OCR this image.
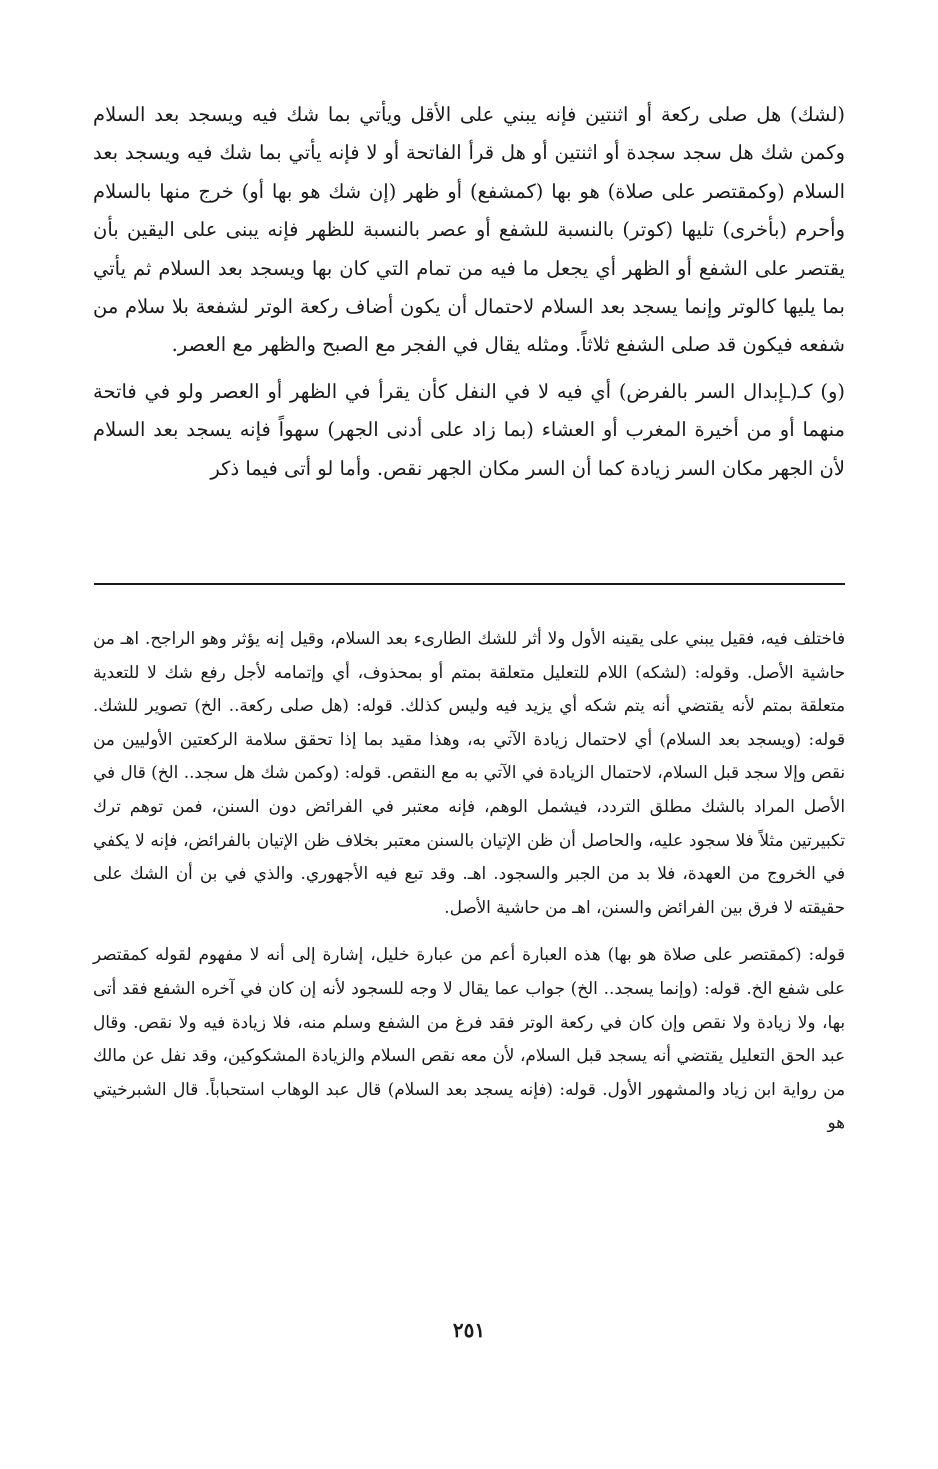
(لشك) هل صلى ركعة أو اثنتين فإنه يبني على الأقل ويأتي بما شك فيه ويسجد بعد السلام وكمن شك هل سجد سجدة أو اثنتين أو هل قرأ الفاتحة أو لا فإنه يأتي بما شك فيه ويسجد بعد السلام (وكمقتصر على صلاة) هو بها (كمشفع) أو ظهر (إن شك هو بها أو) خرج منها بالسلام وأحرم (بأخرى) تليها (كوتر) بالنسبة للشفع أو عصر بالنسبة للظهر فإنه يبنى على اليقين بأن يقتصر على الشفع أو الظهر أي يجعل ما فيه من تمام التي كان بها ويسجد بعد السلام ثم يأتي بما يليها كالوتر وإنما يسجد بعد السلام لاحتمال أن يكون أضاف ركعة الوتر لشفعة بلا سلام من شفعه فيكون قد صلى الشفع ثلاثاً. ومثله يقال في الفجر مع الصبح والظهر مع العصر.

(و) كـ(ـإبدال السر بالفرض) أي فيه لا في النفل كأن يقرأ في الظهر أو العصر ولو في فاتحة منهما أو من أخيرة المغرب أو العشاء (بما زاد على أدنى الجهر) سهواً فإنه يسجد بعد السلام لأن الجهر مكان السر زيادة كما أن السر مكان الجهر نقص. وأما لو أتى فيما ذكر

فاختلف فيه، فقيل يبني على يقينه الأول ولا أثر للشك الطارىء بعد السلام، وقيل إنه يؤثر وهو الراجح. اهـ من حاشية الأصل. وقوله: (لشكه) اللام للتعليل متعلقة بمتم أو بمحذوف، أي وإتمامه لأجل رفع شك لا للتعدية متعلقة بمتم لأنه يقتضي أنه يتم شكه أي يزيد فيه وليس كذلك. قوله: (هل صلى ركعة.. الخ) تصوير للشك. قوله: (ويسجد بعد السلام) أي لاحتمال زيادة الآتي به، وهذا مقيد بما إذا تحقق سلامة الركعتين الأوليين من نقص وإلا سجد قبل السلام، لاحتمال الزيادة في الآتي به مع النقص. قوله: (وكمن شك هل سجد.. الخ) قال في الأصل المراد بالشك مطلق التردد، فيشمل الوهم، فإنه معتبر في الفرائض دون السنن، فمن توهم ترك تكبيرتين مثلاً فلا سجود عليه، والحاصل أن ظن الإتيان بالسنن معتبر بخلاف ظن الإتيان بالفرائض، فإنه لا يكفي في الخروج من العهدة، فلا بد من الجبر والسجود. اهـ. وقد تبع فيه الأجهوري. والذي في بن أن الشك على حقيقته لا فرق بين الفرائض والسنن، اهـ من حاشية الأصل.

قوله: (كمقتصر على صلاة هو بها) هذه العبارة أعم من عبارة خليل، إشارة إلى أنه لا مفهوم لقوله كمقتصر على شفع الخ. قوله: (وإنما يسجد.. الخ) جواب عما يقال لا وجه للسجود لأنه إن كان في آخره الشفع فقد أتى بها، ولا زيادة ولا نقص وإن كان في ركعة الوتر فقد فرغ من الشفع وسلم منه، فلا زيادة فيه ولا نقص. وقال عبد الحق التعليل يقتضي أنه يسجد قبل السلام، لأن معه نقص السلام والزيادة المشكوكين، وقد نفل عن مالك من رواية ابن زياد والمشهور الأول. قوله: (فإنه يسجد بعد السلام) قال عبد الوهاب استحباباً. قال الشبرخيتي هو

٢٥١
